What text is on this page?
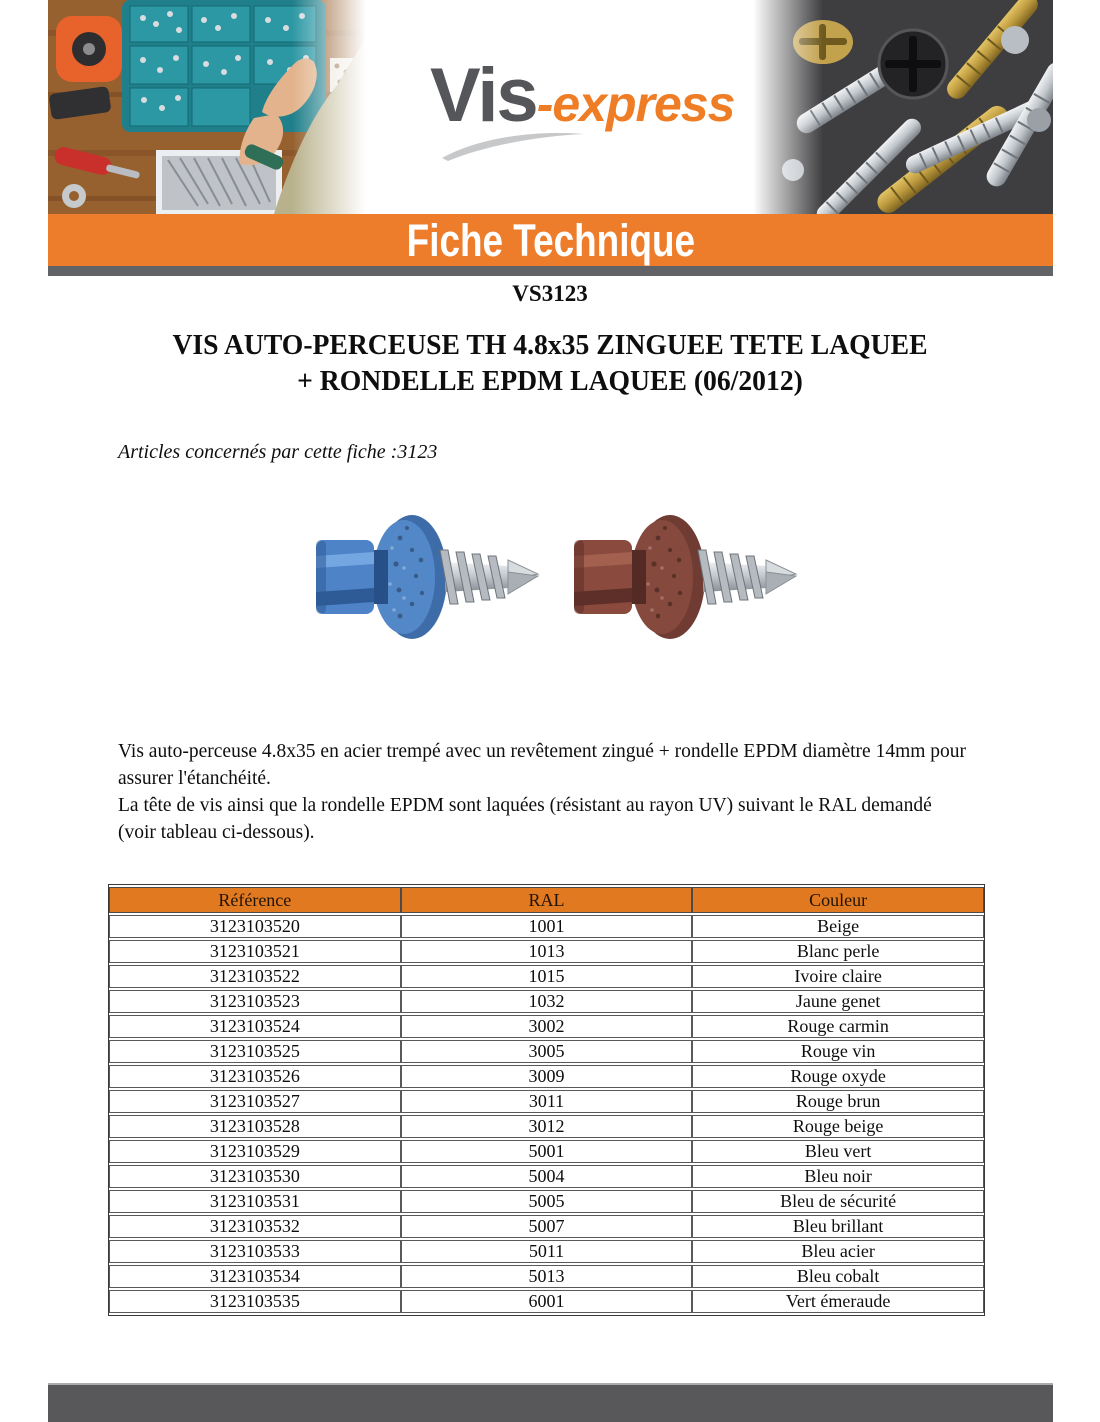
Vis-express
Fiche Technique
VS3123
VIS AUTO-PERCEUSE TH 4.8x35 ZINGUEE TETE LAQUEE
+ RONDELLE EPDM LAQUEE (06/2012)
Articles concernés par cette fiche :3123

Vis auto-perceuse 4.8x35 en acier trempé avec un revêtement zingué + rondelle EPDM diamètre 14mm pour assurer l'étanchéité.
La tête de vis ainsi que la rondelle EPDM sont laquées (résistant au rayon UV) suivant le RAL demandé (voir tableau ci-dessous).

Référence	RAL	Couleur
3123103520	1001	Beige
3123103521	1013	Blanc perle
3123103522	1015	Ivoire claire
3123103523	1032	Jaune genet
3123103524	3002	Rouge carmin
3123103525	3005	Rouge vin
3123103526	3009	Rouge oxyde
3123103527	3011	Rouge brun
3123103528	3012	Rouge beige
3123103529	5001	Bleu vert
3123103530	5004	Bleu noir
3123103531	5005	Bleu de sécurité
3123103532	5007	Bleu brillant
3123103533	5011	Bleu acier
3123103534	5013	Bleu cobalt
3123103535	6001	Vert émeraude
